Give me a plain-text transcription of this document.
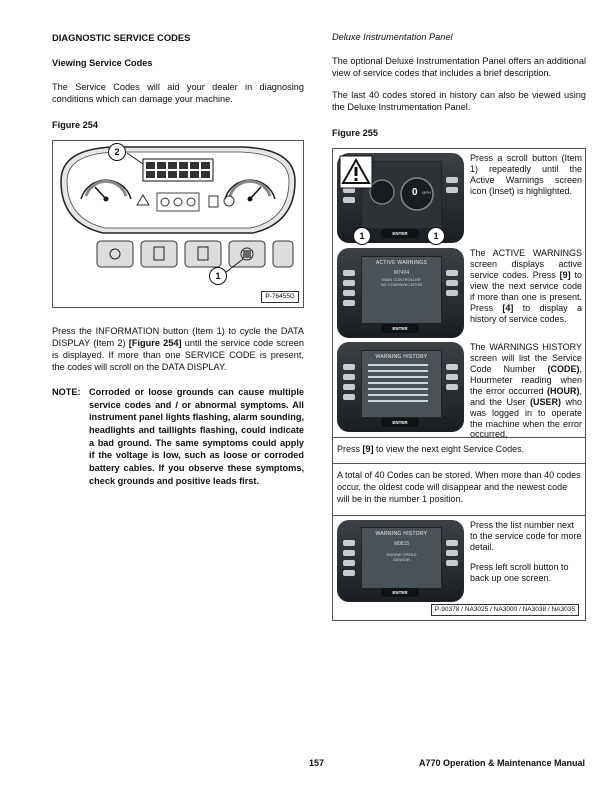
DIAGNOSTIC SERVICE CODES
Viewing Service Codes
The Service Codes will aid your dealer in diagnosing conditions which can damage your machine.
Figure 254
2
1
P-76455G
Press the INFORMATION button (Item 1) to cycle the DATA DISPLAY (Item 2) [Figure 254] until the service code screen is displayed. If more than one SERVICE CODE is present, the codes will scroll on the DATA DISPLAY.
NOTE: Corroded or loose grounds can cause multiple service codes and / or abnormal symptoms. All instrument panel lights flashing, alarm sounding, headlights and taillights flashing, could indicate a bad ground. The same symptoms could apply if the voltage is low, such as loose or corroded battery cables. If you observe these symptoms, check grounds and positive leads first.
Deluxe Instrumentation Panel
The optional Deluxe Instrumentation Panel offers an additional view of service codes that includes a brief description.
The last 40 codes stored in history can also be viewed using the Deluxe Instrumentation Panel.
Figure 255
0 MPH
ENTER
1	1
Press a scroll button (Item 1) repeatedly until the Active Warnings screen icon (Inset) is highlighted.
ACTIVE WARNINGS
M7404
MAIN CONTROLLER
NO COMMUNICATION
ENTER
The ACTIVE WARNINGS screen displays active service codes. Press [9] to view the next service code if more than one is present. Press [4] to display a history of service codes.
WARNING HISTORY
ENTER
The WARNINGS HISTORY screen will list the Service Code Number (CODE), Hourmeter reading when the error occurred (HOUR), and the User (USER) who was logged in to operate the machine when the error occurred.
Press [9] to view the next eight Service Codes.
A total of 40 Codes can be stored. When more than 40 codes occur, the oldest code will disappear and the newest code will be in the number 1 position.
WARNING HISTORY
M0815
ENGINE SPEED
SENSOR
ENTER

Press the list number next to the service code for more detail.

Press left scroll button to back up one screen.

P-90378 / NA3025 / NA3000 / NA3038 / NA3035
157	A770 Operation & Maintenance Manual
